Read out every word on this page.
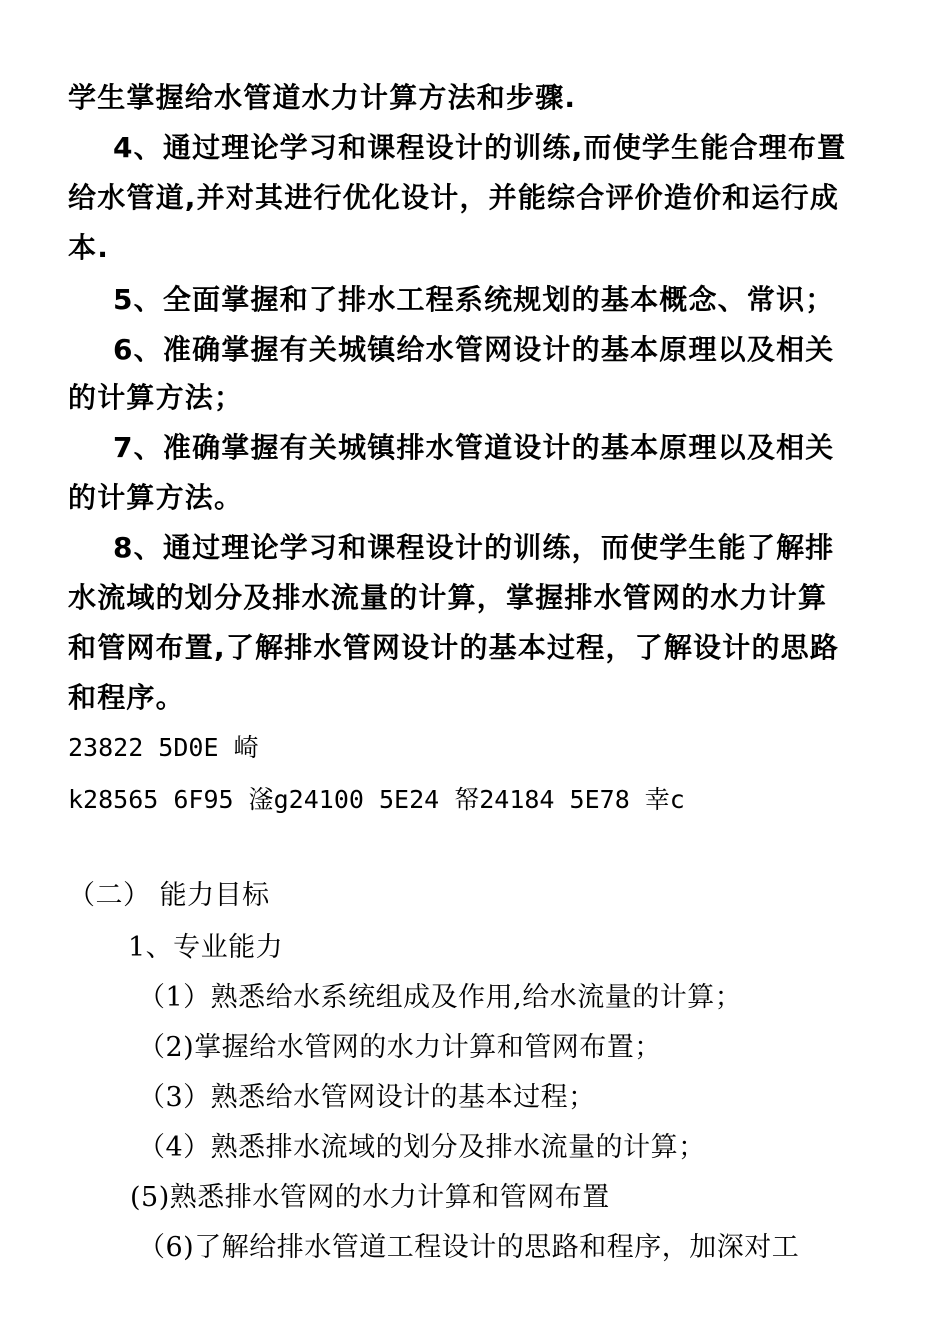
学生掌握给水管道水力计算方法和步骤.
4、通过理论学习和课程设计的训练,而使学生能合理布置
给水管道,并对其进行优化设计，并能综合评价造价和运行成
本.
5、全面掌握和了排水工程系统规划的基本概念、常识；
6、准确掌握有关城镇给水管网设计的基本原理以及相关
的计算方法；
7、准确掌握有关城镇排水管道设计的基本原理以及相关
的计算方法。
8、通过理论学习和课程设计的训练，而使学生能了解排
水流域的划分及排水流量的计算，掌握排水管网的水力计算
和管网布置,了解排水管网设计的基本过程，了解设计的思路
和程序。
23822 5D0E 崎
k28565 6F95 滏g24100 5E24 帑24184 5E78 幸c
（二） 能力目标
1、专业能力
（1）熟悉给水系统组成及作用,给水流量的计算；
（2)掌握给水管网的水力计算和管网布置；
（3）熟悉给水管网设计的基本过程；
（4）熟悉排水流域的划分及排水流量的计算；
(5)熟悉排水管网的水力计算和管网布置
（6)了解给排水管道工程设计的思路和程序，加深对工
